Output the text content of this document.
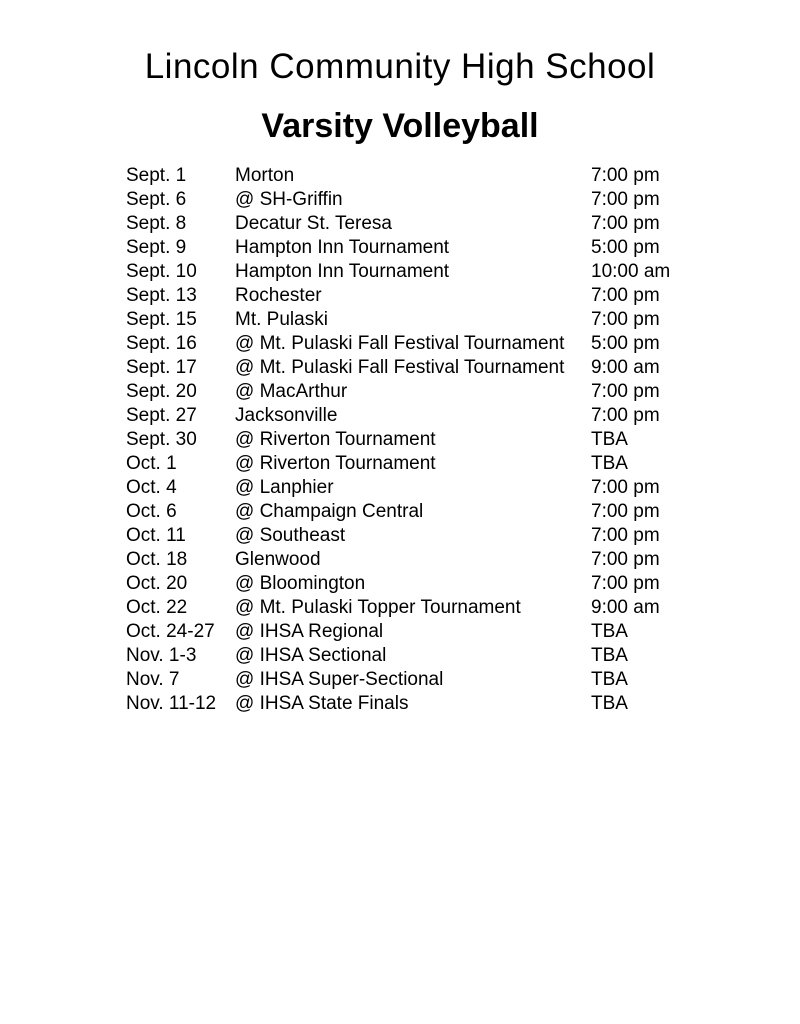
Lincoln Community High School
Varsity Volleyball
Sept. 1	Morton	7:00 pm
Sept. 6	@ SH-Griffin	7:00 pm
Sept. 8	Decatur St. Teresa	7:00 pm
Sept. 9	Hampton Inn Tournament	5:00 pm
Sept. 10	Hampton Inn Tournament	10:00 am
Sept. 13	Rochester	7:00 pm
Sept. 15	Mt. Pulaski	7:00 pm
Sept. 16	@ Mt. Pulaski Fall Festival Tournament	5:00 pm
Sept. 17	@ Mt. Pulaski Fall Festival Tournament	9:00 am
Sept. 20	@ MacArthur	7:00 pm
Sept. 27	Jacksonville	7:00 pm
Sept. 30	@ Riverton Tournament	TBA
Oct. 1	@ Riverton Tournament	TBA
Oct. 4	@ Lanphier	7:00 pm
Oct. 6	@ Champaign Central	7:00 pm
Oct. 11	@ Southeast	7:00 pm
Oct. 18	Glenwood	7:00 pm
Oct. 20	@ Bloomington	7:00 pm
Oct. 22	@ Mt. Pulaski Topper Tournament	9:00 am
Oct. 24-27	@ IHSA Regional	TBA
Nov. 1-3	@ IHSA Sectional	TBA
Nov. 7	@ IHSA Super-Sectional	TBA
Nov. 11-12 @ IHSA State Finals	TBA
